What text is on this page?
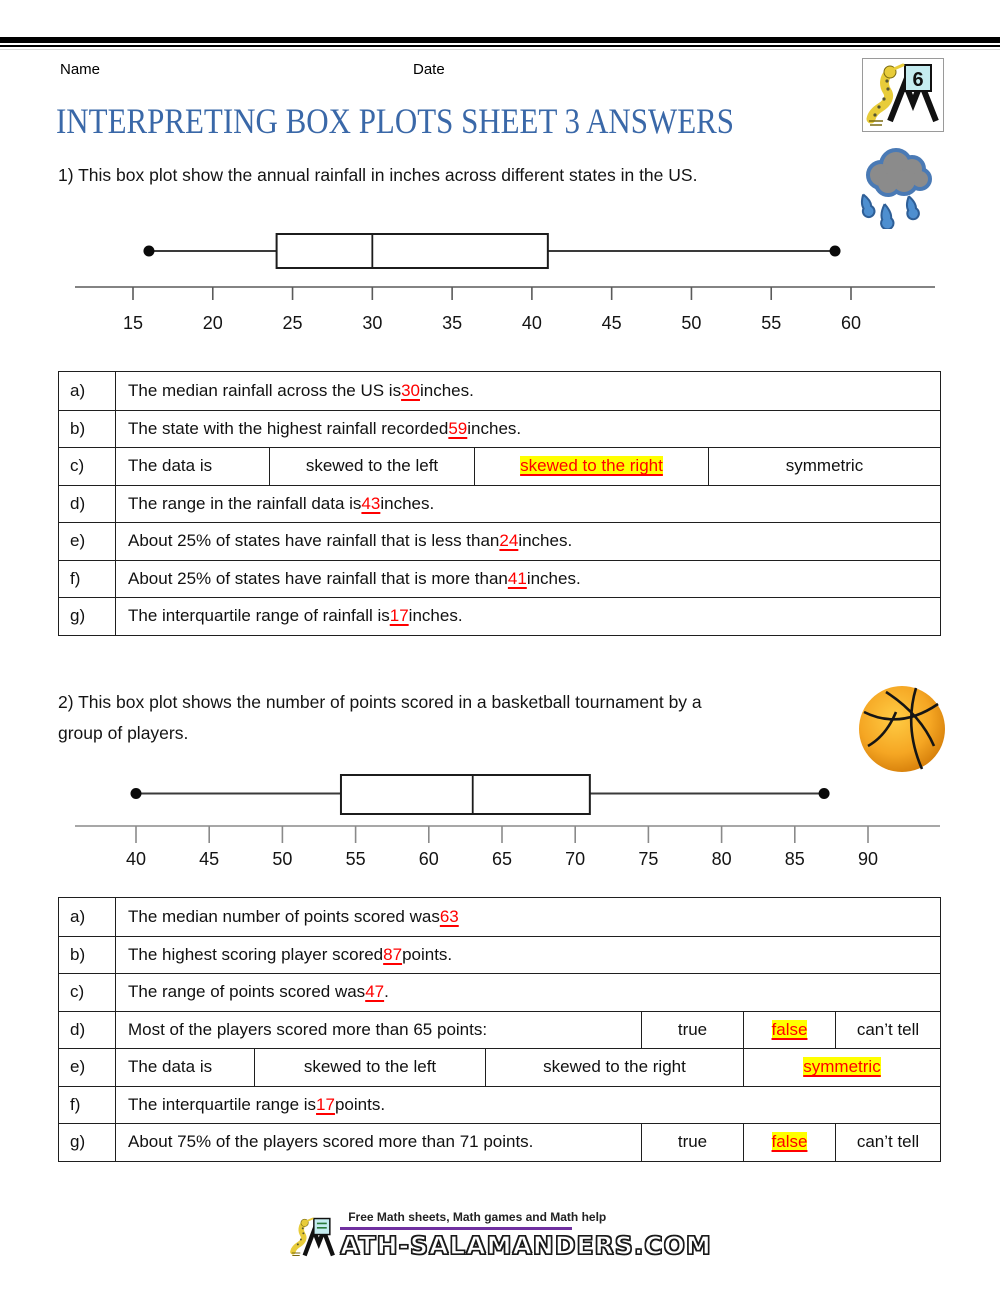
Name	Date	6
INTERPRETING BOX PLOTS SHEET 3 ANSWERS
1) This box plot show the annual rainfall in inches across different states in the US.
15	20	25	30	35	40	45	50	55	60
a)	The median rainfall across the US is 30 inches.
b)	The state with the highest rainfall recorded 59 inches.
c)	The data is	skewed to the left	skewed to the right	symmetric
d)	The range in the rainfall data is 43 inches.
e)	About 25% of states have rainfall that is less than 24 inches.
f)	About 25% of states have rainfall that is more than 41 inches.
g)	The interquartile range of rainfall is 17 inches.
2) This box plot shows the number of points scored in a basketball tournament by a
group of players.
40	45	50	55	60	65	70	75	80	85	90
a)	The median number of points scored was 63
b)	The highest scoring player scored 87 points.
c)	The range of points scored was 47 .
d)	Most of the players scored more than 65 points:	true	false	can’t tell
e)	The data is	skewed to the left	skewed to the right	symmetric
f)	The interquartile range is 17 points.
g)	About 75% of the players scored more than 71 points.	true	false	can’t tell
Free Math sheets, Math games and Math help
ATH-SALAMANDERS.COM
